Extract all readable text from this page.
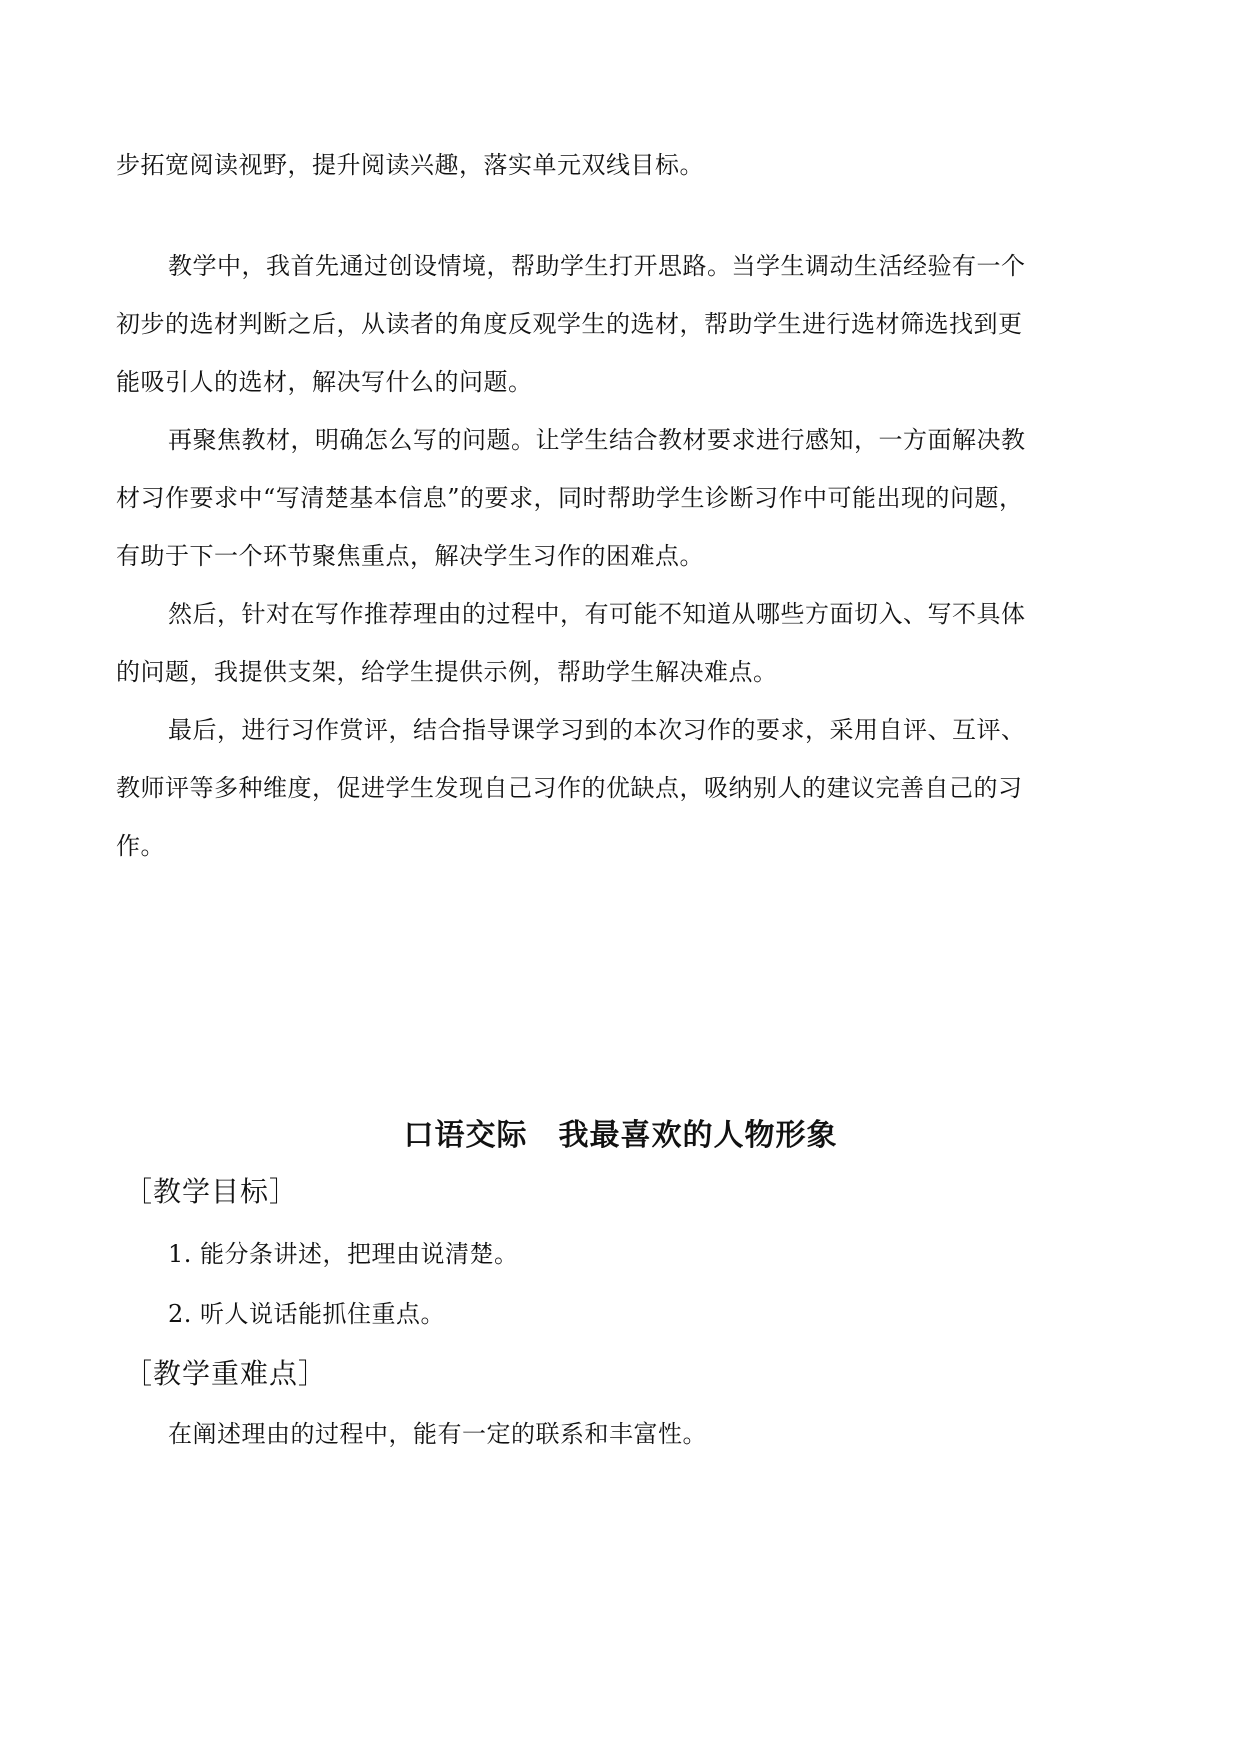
步拓宽阅读视野，提升阅读兴趣，落实单元双线目标。
教学中，我首先通过创设情境，帮助学生打开思路。当学生调动生活经验有一个
初步的选材判断之后，从读者的角度反观学生的选材，帮助学生进行选材筛选找到更
能吸引人的选材，解决写什么的问题。
再聚焦教材，明确怎么写的问题。让学生结合教材要求进行感知，一方面解决教
材习作要求中“写清楚基本信息”的要求，同时帮助学生诊断习作中可能出现的问题，
有助于下一个环节聚焦重点，解决学生习作的困难点。
然后，针对在写作推荐理由的过程中，有可能不知道从哪些方面切入、写不具体
的问题，我提供支架，给学生提供示例，帮助学生解决难点。
最后，进行习作赏评，结合指导课学习到的本次习作的要求，采用自评、互评、
教师评等多种维度，促进学生发现自己习作的优缺点，吸纳别人的建议完善自己的习
作。
口语交际　我最喜欢的人物形象
［教学目标］
1. 能分条讲述，把理由说清楚。
2. 听人说话能抓住重点。
［教学重难点］
在阐述理由的过程中，能有一定的联系和丰富性。
